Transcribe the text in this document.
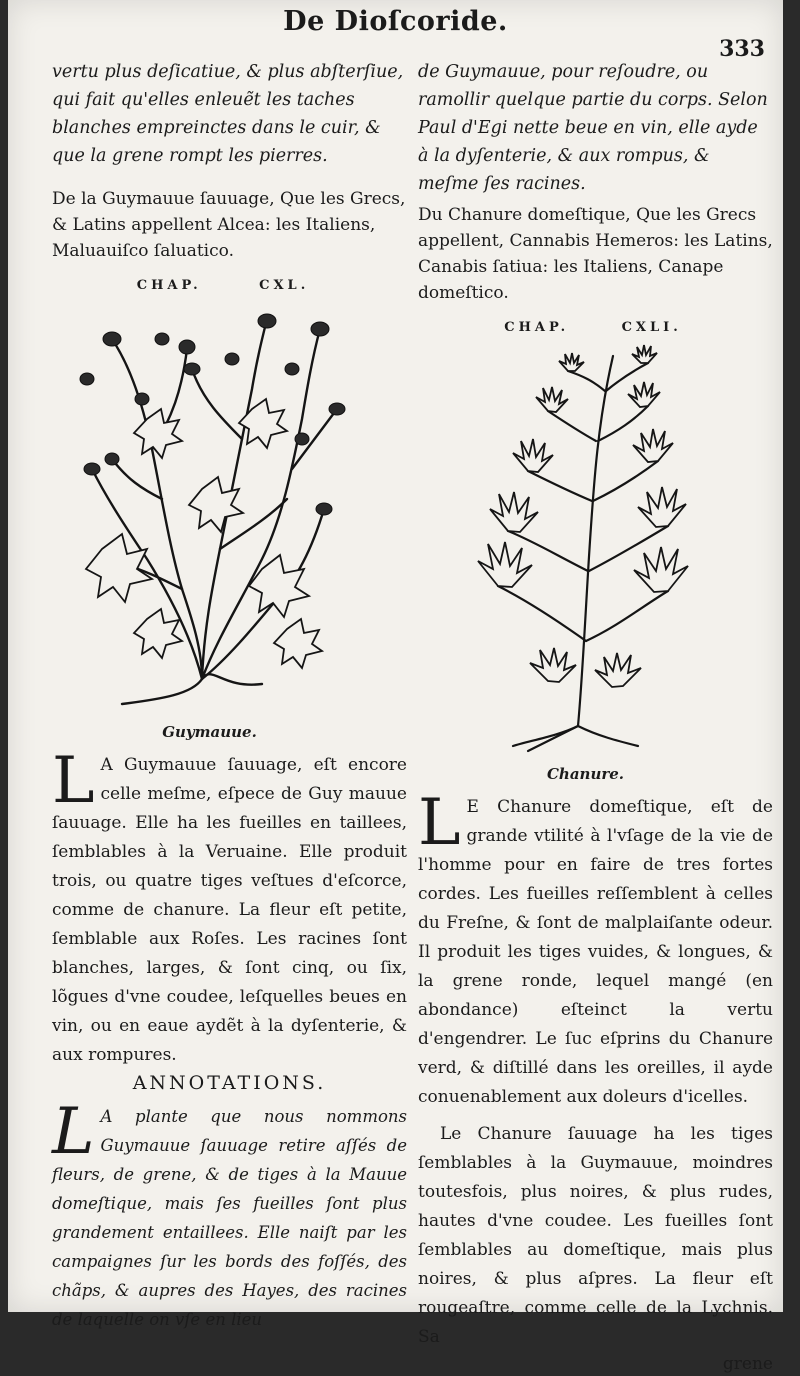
De Dioſcoride.
333

vertu plus deſicatiue, & plus abſterſiue, qui fait qu'elles enleuẽt les taches blanches empreinctes dans le cuir, & que la grene rompt les pierres.

De la Guymauue ſauuage, Que les Grecs, & Latins appellent Alcea: les Italiens, Maluauiſco ſaluatico.

CHAP.	CXL.

Guymauue.

L A Guymauue ſauuage, eſt encore celle meſme, eſpece de Guy mauue ſauuage. Elle ha les fueilles en taillees, ſemblables à la Veruaine. Elle produit trois, ou quatre tiges veſtues d'eſcorce, comme de chanure. La fleur eſt petite, ſemblable aux Roſes. Les racines ſont blanches, larges, & ſont cinq, ou ſix, lõgues d'vne coudee, leſquelles beues en vin, ou en eaue aydẽt à la dyſenterie, & aux rompures.

ANNOTATIONS.

L A plante que nous nommons Guymauue ſauuage retire aſſés de fleurs, de grene, & de tiges à la Mauue domeſtique, mais ſes fueilles ſont plus grandement entaillees. Elle naiſt par les campaignes ſur les bords des foſſés, des chãps, & aupres des Hayes, des racines de laquelle on vſe en lieu

de Guymauue, pour reſoudre, ou ramollir quelque partie du corps. Selon Paul d'Egi nette beue en vin, elle ayde à la dyſenterie, & aux rompus, & meſme ſes racines.

Du Chanure domeſtique, Que les Grecs appellent, Cannabis Hemeros: les Latins, Canabis ſatiua: les Italiens, Canape domeſtico.

CHAP.	CXLI.

Chanure.

L E Chanure domeſtique, eſt de grande vtilité à l'vſage de la vie de l'homme pour en faire de tres fortes cordes. Les fueilles reſſemblent à celles du Freſne, & ſont de malplaiſante odeur. Il produit les tiges vuides, & longues, & la grene ronde, lequel mangé (en abondance) eſteinct la vertu d'engendrer. Le ſuc eſprins du Chanure verd, & diſtillé dans les oreilles, il ayde conuenablement aux doleurs d'icelles.

Le Chanure ſauuage ha les tiges ſemblables à la Guymauue, moindres toutesfois, plus noires, & plus rudes, hautes d'vne coudee. Les fueilles ſont ſemblables au domeſtique, mais plus noires, & plus aſpres. La fleur eſt rougeaſtre, comme celle de la Lychnis. Sa

grene
